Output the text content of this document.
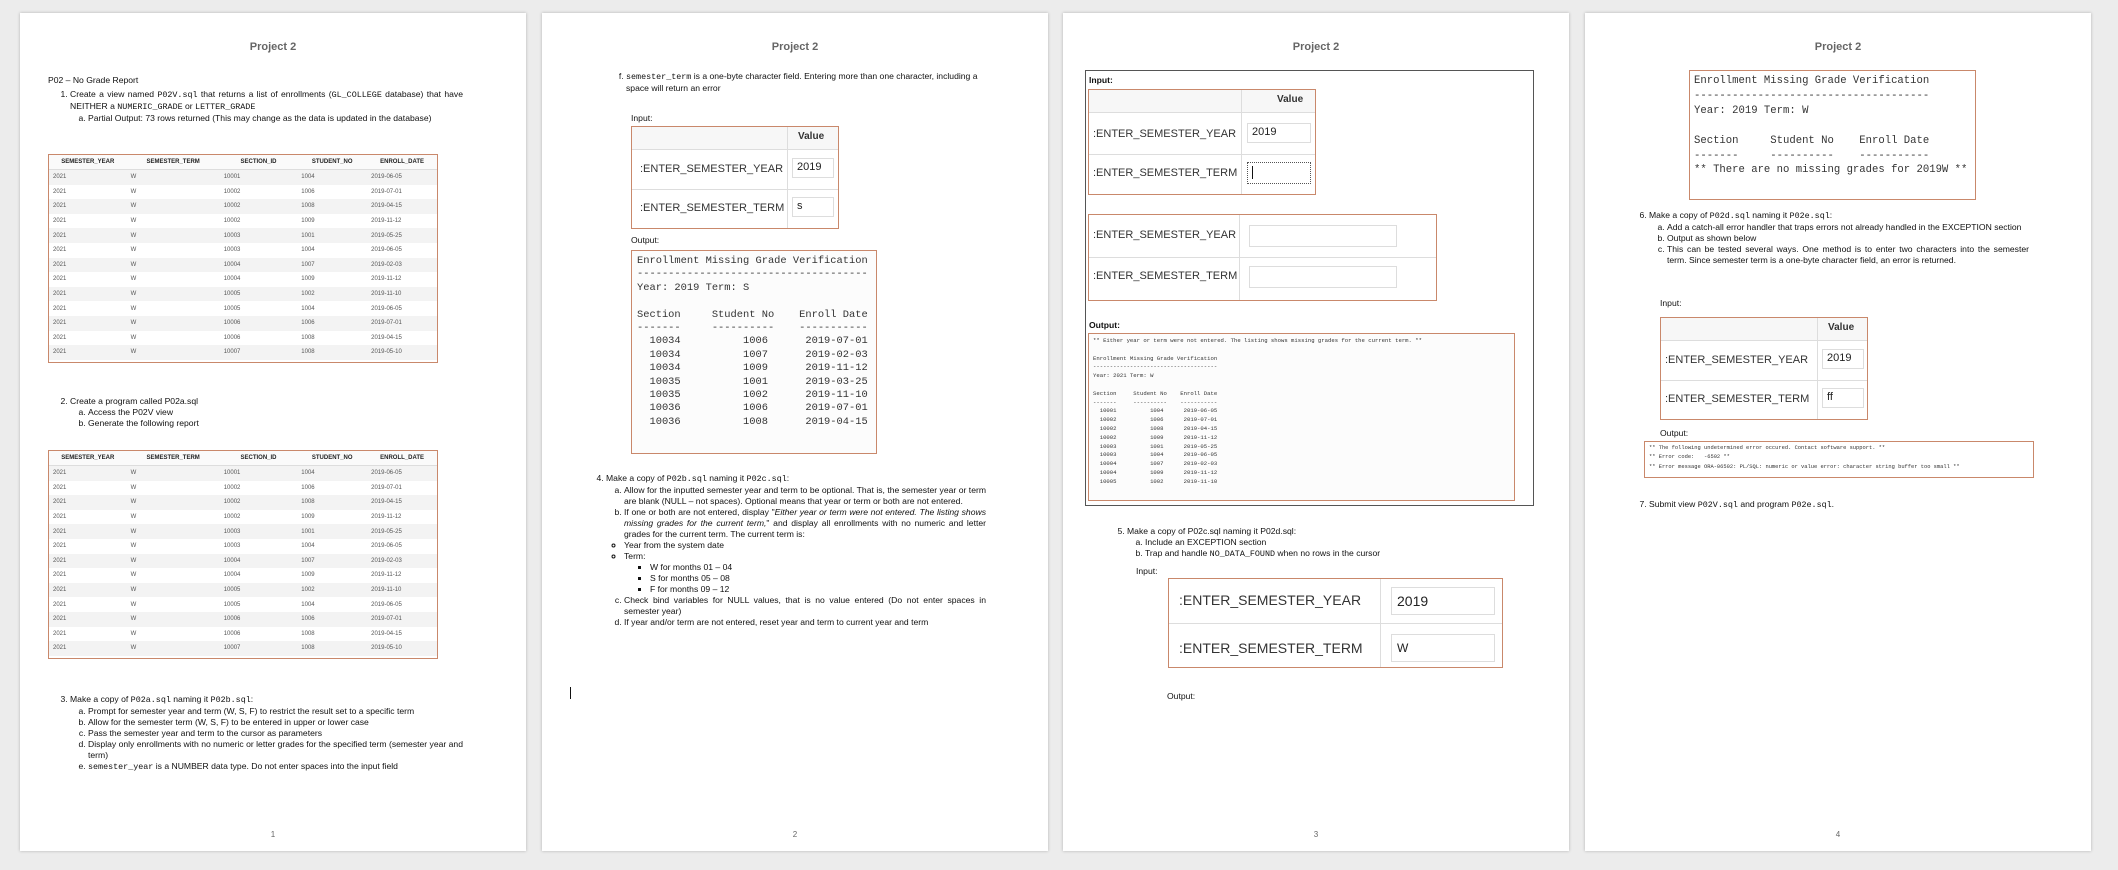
Project 2
P02 – No Grade Report
1. Create a view named P02V.sql that returns a list of enrollments (GL_COLLEGE database) that have NEITHER a NUMERIC_GRADE or LETTER_GRADE
a. Partial Output: 73 rows returned (This may change as the data is updated in the database)
SEMESTER_YEAR	SEMESTER_TERM	SECTION_ID	STUDENT_NO	ENROLL_DATE
2021	W	10001	1004	2019-06-05
2021	W	10002	1006	2019-07-01
2021	W	10002	1008	2019-04-15
2021	W	10002	1009	2019-11-12
2021	W	10003	1001	2019-05-25
2021	W	10003	1004	2019-06-05
2021	W	10004	1007	2019-02-03
2021	W	10004	1009	2019-11-12
2021	W	10005	1002	2019-11-10
2021	W	10005	1004	2019-06-05
2021	W	10006	1006	2019-07-01
2021	W	10006	1008	2019-04-15
2021	W	10007	1008	2019-05-10
2. Create a program called P02a.sql
a. Access the P02V view
b. Generate the following report
SEMESTER_YEAR	SEMESTER_TERM	SECTION_ID	STUDENT_NO	ENROLL_DATE
2021	W	10001	1004	2019-06-05
2021	W	10002	1006	2019-07-01
2021	W	10002	1008	2019-04-15
2021	W	10002	1009	2019-11-12
2021	W	10003	1001	2019-05-25
2021	W	10003	1004	2019-06-05
2021	W	10004	1007	2019-02-03
2021	W	10004	1009	2019-11-12
2021	W	10005	1002	2019-11-10
2021	W	10005	1004	2019-06-05
2021	W	10006	1006	2019-07-01
2021	W	10006	1008	2019-04-15
2021	W	10007	1008	2019-05-10
3. Make a copy of P02a.sql naming it P02b.sql:
a. Prompt for semester year and term (W, S, F) to restrict the result set to a specific term
b. Allow for the semester term (W, S, F) to be entered in upper or lower case
c. Pass the semester year and term to the cursor as parameters
d. Display only enrollments with no numeric or letter grades for the specified term (semester year and term)
e. semester_year is a NUMBER data type. Do not enter spaces into the input field
1
Project 2
f. semester_term is a one-byte character field. Entering more than one character, including a space will return an error
Input:
Value
:ENTER_SEMESTER_YEAR	2019
:ENTER_SEMESTER_TERM	s
Output:
Enrollment Missing Grade Verification
-------------------------------------
Year: 2019 Term: S

Section     Student No    Enroll Date
-------     ----------    -----------
10034          1006      2019-07-01
10034          1007      2019-02-03
10034          1009      2019-11-12
10035          1001      2019-03-25
10035          1002      2019-11-10
10036          1006      2019-07-01
10036          1008      2019-04-15
4. Make a copy of P02b.sql naming it P02c.sql:
a. Allow for the inputted semester year and term to be optional. That is, the semester year or term are blank (NULL – not spaces). Optional means that year or term or both are not entered.
b. If one or both are not entered, display "Either year or term were not entered. The listing shows missing grades for the current term," and display all enrollments with no numeric and letter grades for the current term. The current term is:
◦ Year from the system date
◦ Term:
▪ W for months 01 – 04
▪ S for months 05 – 08
▪ F for months 09 – 12
c. Check bind variables for NULL values, that is no value entered (Do not enter spaces in semester year)
d. If year and/or term are not entered, reset year and term to current year and term
2
Project 2
Input:
Value
:ENTER_SEMESTER_YEAR	2019
:ENTER_SEMESTER_TERM
:ENTER_SEMESTER_YEAR
:ENTER_SEMESTER_TERM
Output:
** Either year or term were not entered. The listing shows missing grades for the current term. **

Enrollment Missing Grade Verification
-------------------------------------
Year: 2021 Term: W

Section     Student No    Enroll Date
-------     ----------    -----------
10001          1004      2019-06-05
10002          1006      2019-07-01
10002          1008      2019-04-15
10002          1009      2019-11-12
10003          1001      2019-05-25
10003          1004      2019-06-05
10004          1007      2019-02-03
10004          1009      2019-11-12
10005          1002      2019-11-10
5. Make a copy of P02c.sql naming it P02d.sql:
a. Include an EXCEPTION section
b. Trap and handle NO_DATA_FOUND when no rows in the cursor
Input:
:ENTER_SEMESTER_YEAR	2019
:ENTER_SEMESTER_TERM	W
Output:
3
Project 2
Enrollment Missing Grade Verification
-------------------------------------
Year: 2019 Term: W

Section     Student No    Enroll Date
-------     ----------    -----------
** There are no missing grades for 2019W **
6. Make a copy of P02d.sql naming it P02e.sql:
a. Add a catch-all error handler that traps errors not already handled in the EXCEPTION section
b. Output as shown below
c. This can be tested several ways. One method is to enter two characters into the semester term. Since semester term is a one-byte character field, an error is returned.
Input:
Value
:ENTER_SEMESTER_YEAR	2019
:ENTER_SEMESTER_TERM	ff
Output:
** The following undetermined error occured. Contact software support. **
** Error code:   -6502 **
** Error message ORA-06502: PL/SQL: numeric or value error: character string buffer too small **
7. Submit view P02V.sql and program P02e.sql.
4
